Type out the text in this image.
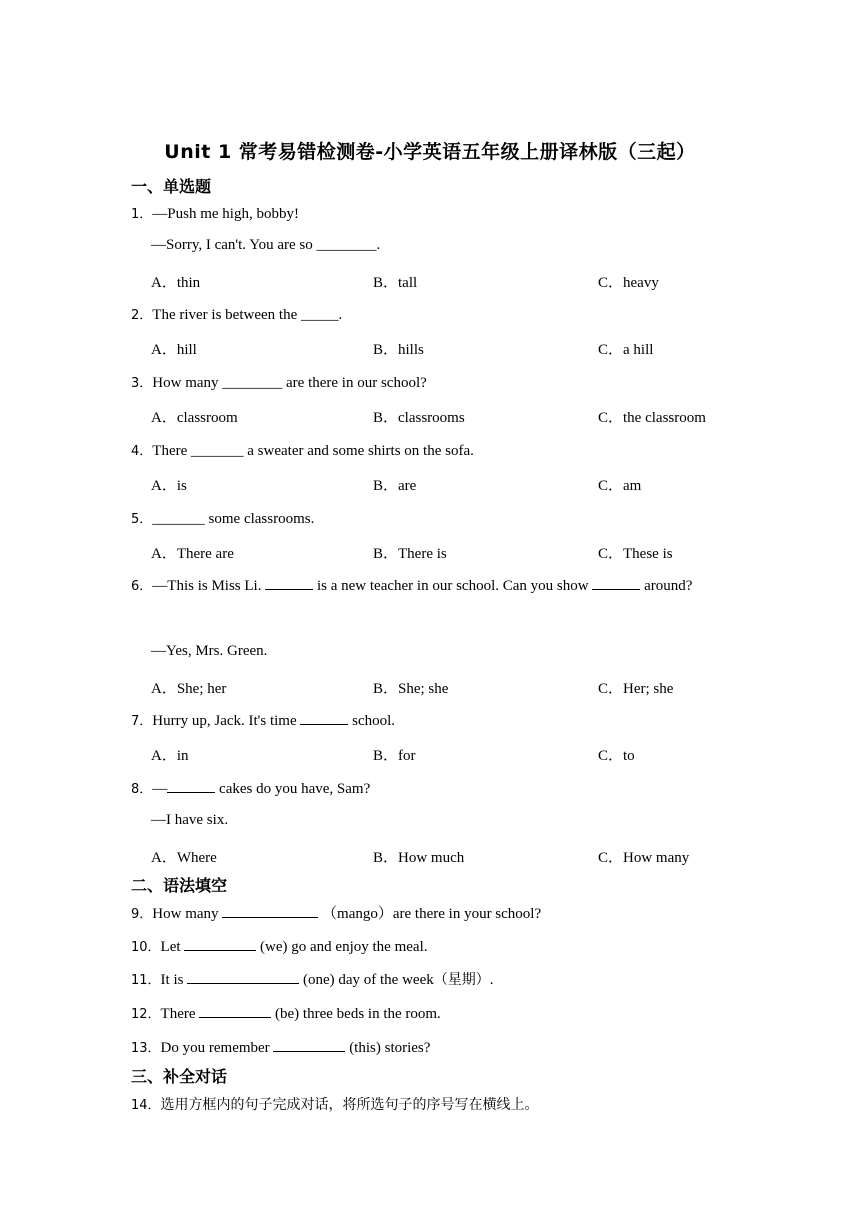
Unit 1 常考易错检测卷-小学英语五年级上册译林版（三起）
一、单选题
1．—Push me high, bobby!
—Sorry, I can't. You are so ________.
A．thin	B．tall	C．heavy
2．The river is between the _____.
A．hill	B．hills	C．a hill
3．How many ________ are there in our school?
A．classroom	B．classrooms	C．the classroom
4．There _______ a sweater and some shirts on the sofa.
A．is	B．are	C．am
5．_______ some classrooms.
A．There are	B．There is	C．These is
6．—This is Miss Li.	is a new teacher in our school. Can you show	around?
—Yes, Mrs. Green.
A．She; her	B．She; she	C．Her; she
7．Hurry up, Jack. It's time	school.
A．in	B．for	C．to
8．—	cakes do you have, Sam?
—I have six.
A．Where	B．How much	C．How many
二、语法填空
9．How many	（mango）are there in your school?
10．Let	(we) go and enjoy the meal.
11．It is	(one) day of the week（星期）.
12．There	(be) three beds in the room.
13．Do you remember	(this) stories?
三、补全对话
14．选用方框内的句子完成对话，将所选句子的序号写在横线上。
